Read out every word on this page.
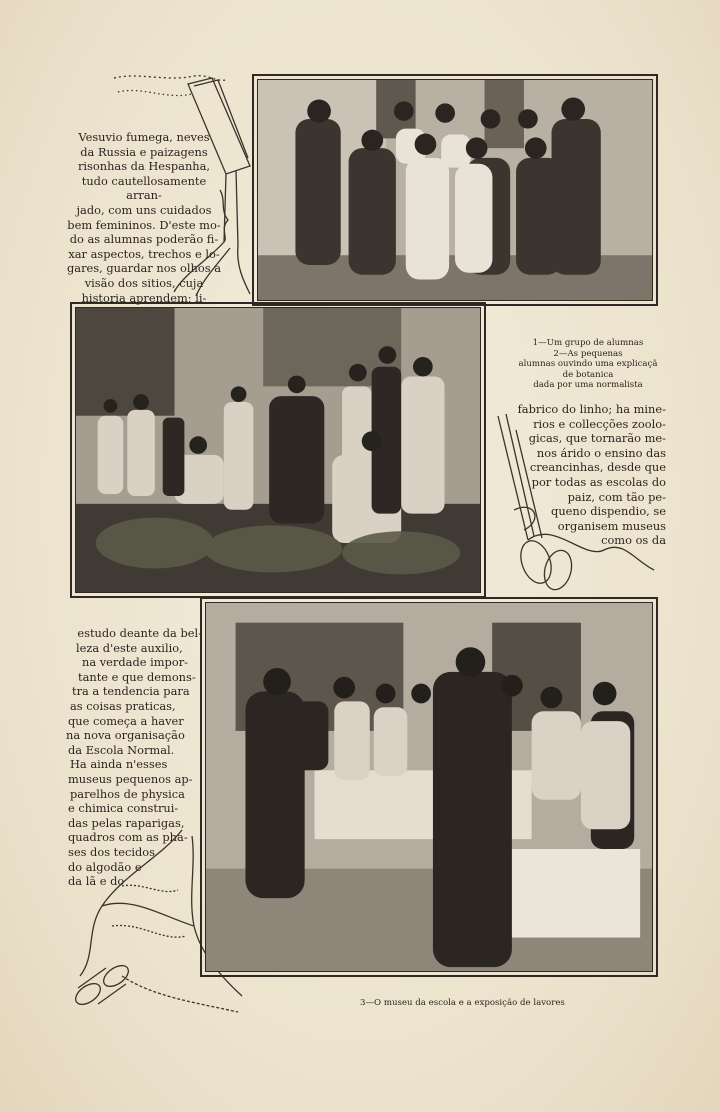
Vesuvio fumega, neves

da Russia e paizagens

risonhas da Hespanha,

tudo cautellosamente arran-

jado, com uns cuidados

bem femininos. D'este mo-

do as alumnas poderão fi-

xar aspectos, trechos e lo-

gares, guardar nos olhos a

visão dos sitios, cuja

historia aprendem; li-

1—Um grupo de alumnas
2—As pequenas
alumnas ouvindo uma explicaçã
de botanica
dada por uma normalista

fabrico do linho; ha mine-

rios e collecções zoolo-

gicas, que tornarão me-

nos árido o ensino das

creancinhas, desde que

por todas as escolas do

paiz, com tão pe-

queno dispendio, se

organisem museus

como os da

estudo deante da bel-

leza d'este auxilio,

na verdade impor-

tante e que demons-

tra a tendencia para

as coisas praticas,

que começa a haver

na nova organisação

da Escola Normal.

Ha ainda n'esses

museus pequenos ap-

parelhos de physica

e chimica construi-

das pelas raparigas,

quadros com as pha-

ses dos tecidos

do algodão e

da lã e do

3—O museu da escola e a exposição de lavores
